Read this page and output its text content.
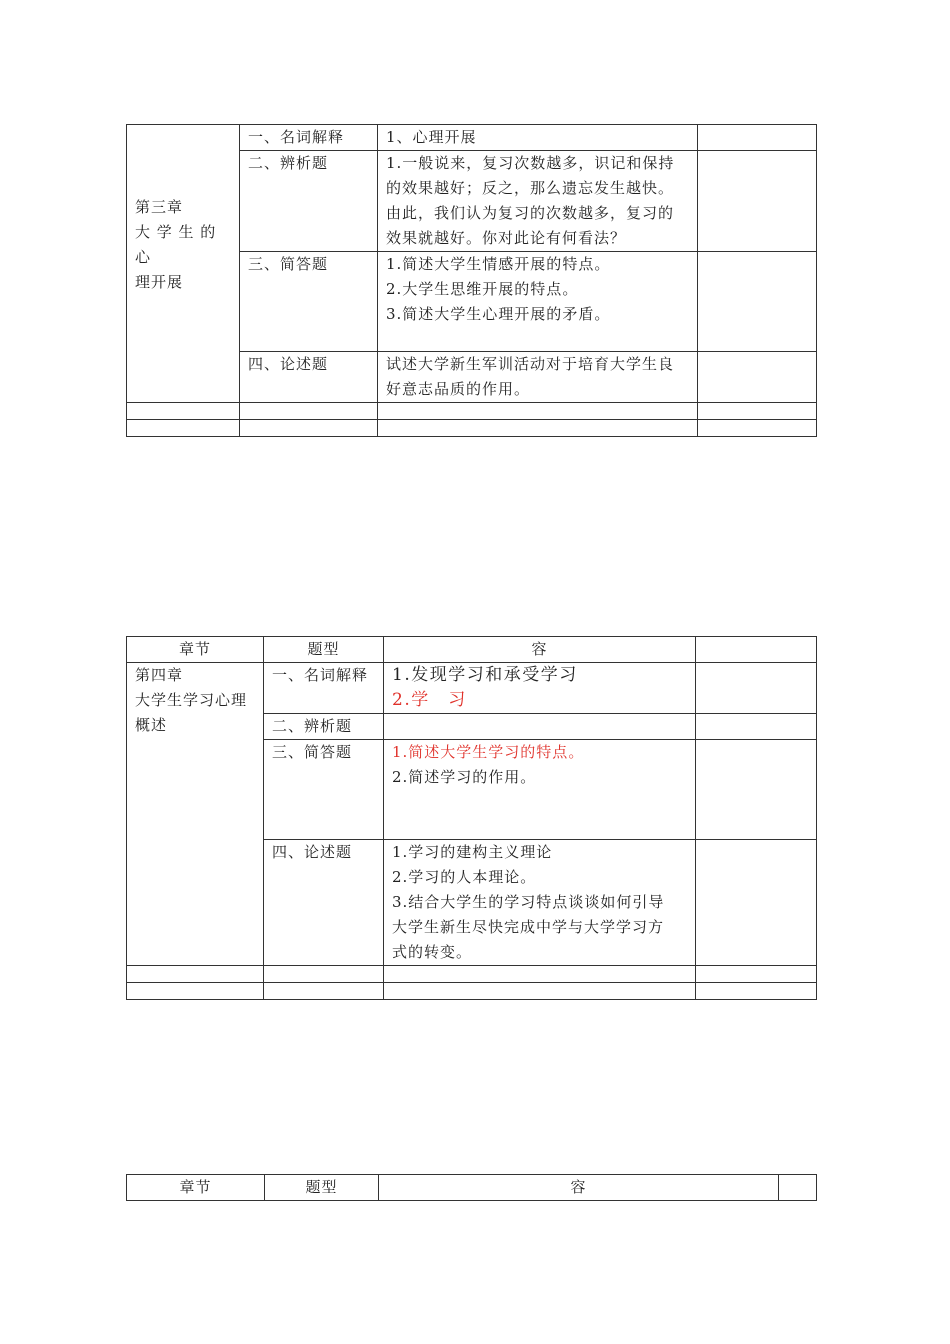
第三章
大 学 生 的 心
理开展	一、名词解释	1、心理开展	

	二、辨析题	1.一般说来，复习次数越多，识记和保持
的效果越好；反之，那么遗忘发生越快。
由此，我们认为复习的次数越多，复习的
效果就越好。你对此论有何看法？	

	三、简答题	1.简述大学生情感开展的特点。
2.大学生思维开展的特点。
3.简述大学生心理开展的矛盾。	

	四、论述题	试述大学新生军训活动对于培育大学生良
好意志品质的作用。	

章节	题型	容	

第四章
大学生学习心理
概述	一、名词解释	1.发现学习和承受学习
2.学　习	

	二、辨析题		
	三、简答题	1.简述大学生学习的特点。
2.简述学习的作用。	

	四、论述题	1.学习的建构主义理论
2.学习的人本理论。
3.结合大学生的学习特点谈谈如何引导
大学生新生尽快完成中学与大学学习方
式的转变。	

章节	题型	容	
